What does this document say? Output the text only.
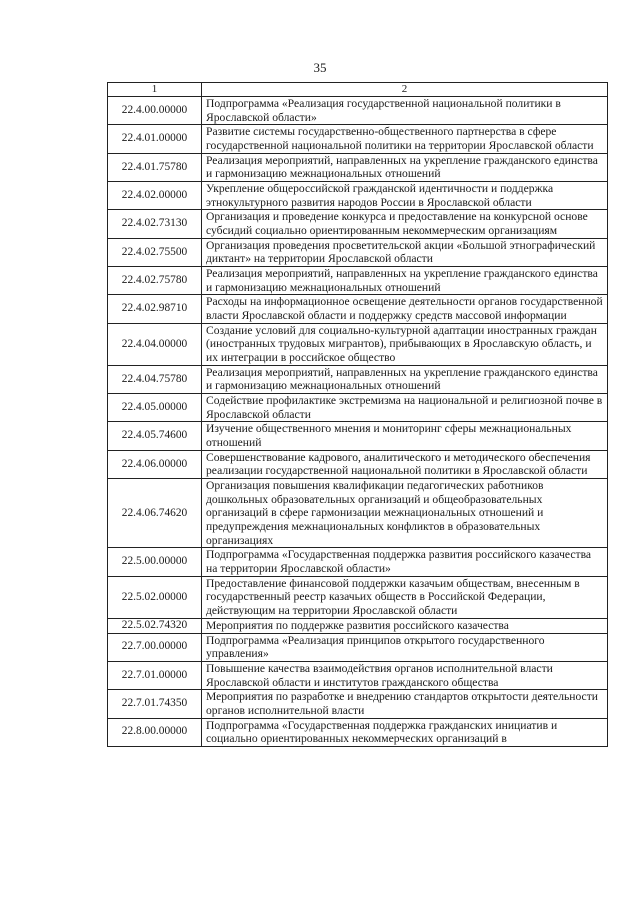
35
1	2
22.4.00.00000	Подпрограмма «Реализация государственной национальной политики в Ярославской области»
22.4.01.00000	Развитие системы государственно-общественного партнерства в сфере государственной национальной политики на территории Ярославской области
22.4.01.75780	Реализация мероприятий, направленных на укрепление гражданского единства и гармонизацию межнациональных отношений
22.4.02.00000	Укрепление общероссийской гражданской идентичности и поддержка этнокультурного развития народов России в Ярославской области
22.4.02.73130	Организация и проведение конкурса и предоставление на конкурсной основе субсидий социально ориентированным некоммерческим организациям
22.4.02.75500	Организация проведения просветительской акции «Большой этнографический диктант» на территории Ярославской области
22.4.02.75780	Реализация мероприятий, направленных на укрепление гражданского единства и гармонизацию межнациональных отношений
22.4.02.98710	Расходы на информационное освещение деятельности органов государственной власти Ярославской области и поддержку средств массовой информации
22.4.04.00000	Создание условий для социально-культурной адаптации иностранных граждан (иностранных трудовых мигрантов), прибывающих в Ярославскую область, и их интеграции в российское общество
22.4.04.75780	Реализация мероприятий, направленных на укрепление гражданского единства и гармонизацию межнациональных отношений
22.4.05.00000	Содействие профилактике экстремизма на национальной и религиозной почве в Ярославской области
22.4.05.74600	Изучение общественного мнения и мониторинг сферы межнациональных отношений
22.4.06.00000	Совершенствование кадрового, аналитического и методического обеспечения реализации государственной национальной политики в Ярославской области
22.4.06.74620	Организация повышения квалификации педагогических работников дошкольных образовательных организаций и общеобразовательных организаций в сфере гармонизации межнациональных отношений и предупреждения межнациональных конфликтов в образовательных организациях
22.5.00.00000	Подпрограмма «Государственная поддержка развития российского казачества на территории Ярославской области»
22.5.02.00000	Предоставление финансовой поддержки казачьим обществам, внесенным в государственный реестр казачьих обществ в Российской Федерации, действующим на территории Ярославской области
22.5.02.74320	Мероприятия по поддержке развития российского казачества
22.7.00.00000	Подпрограмма «Реализация принципов открытого государственного управления»
22.7.01.00000	Повышение качества взаимодействия органов исполнительной власти Ярославской области и институтов гражданского общества
22.7.01.74350	Мероприятия по разработке и внедрению стандартов открытости деятельности органов исполнительной власти
22.8.00.00000	Подпрограмма «Государственная поддержка гражданских инициатив и социально ориентированных некоммерческих организаций в
